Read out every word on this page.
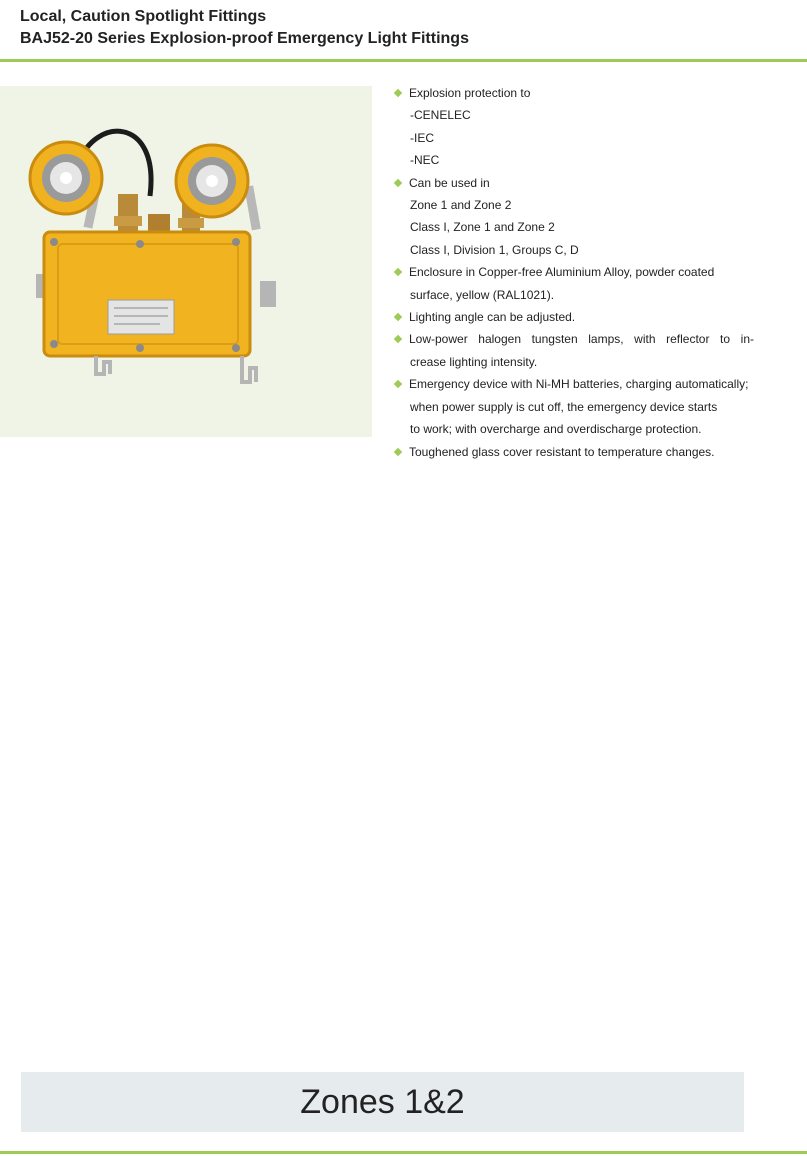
Local, Caution Spotlight Fittings
BAJ52-20 Series Explosion-proof Emergency Light Fittings
Explosion protection to
-CENELEC
-IEC
-NEC
Can be used in
Zone 1 and Zone 2
Class I, Zone 1 and Zone 2
Class I, Division 1, Groups C, D
Enclosure in Copper-free Aluminium Alloy, powder coated
surface, yellow (RAL1021).
Lighting angle can be adjusted.
Low-power halogen tungsten lamps, with reflector to in-
crease lighting intensity.
Emergency device with Ni-MH batteries, charging automatically;
when power supply is cut off, the emergency device starts
to work; with overcharge and overdischarge protection.
Toughened glass cover resistant to temperature changes.
Zones 1&2
